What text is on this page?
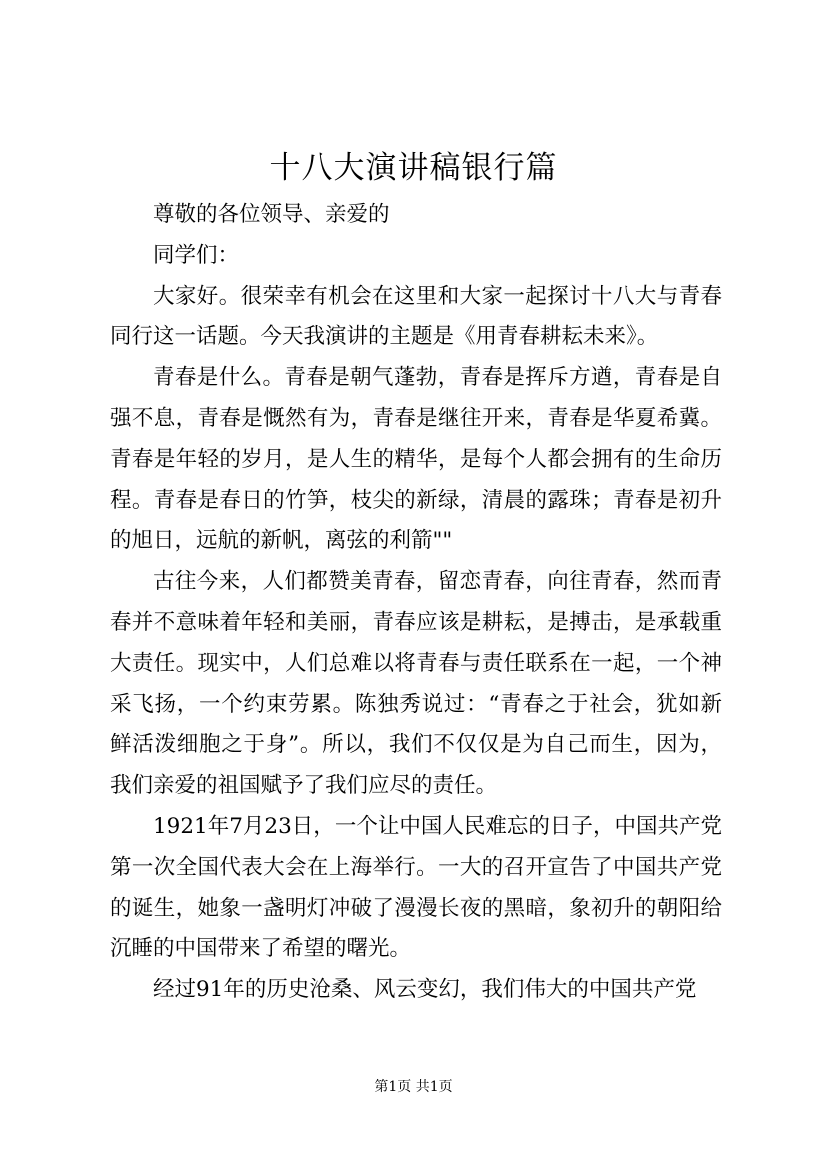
十八大演讲稿银行篇

尊敬的各位领导、亲爱的

同学们：

大家好。很荣幸有机会在这里和大家一起探讨十八大与青春同行这一话题。今天我演讲的主题是《用青春耕耘未来》。

青春是什么。青春是朝气蓬勃，青春是挥斥方遒，青春是自强不息，青春是慨然有为，青春是继往开来，青春是华夏希冀。青春是年轻的岁月，是人生的精华，是每个人都会拥有的生命历程。青春是春日的竹笋，枝尖的新绿，清晨的露珠；青春是初升的旭日，远航的新帆，离弦的利箭""

古往今来，人们都赞美青春，留恋青春，向往青春，然而青春并不意味着年轻和美丽，青春应该是耕耘，是搏击，是承载重大责任。现实中，人们总难以将青春与责任联系在一起，一个神采飞扬，一个约束劳累。陈独秀说过：“青春之于社会，犹如新鲜活泼细胞之于身”。所以，我们不仅仅是为自己而生，因为，我们亲爱的祖国赋予了我们应尽的责任。

1921年7月23日，一个让中国人民难忘的日子，中国共产党第一次全国代表大会在上海举行。一大的召开宣告了中国共产党的诞生，她象一盏明灯冲破了漫漫长夜的黑暗，象初升的朝阳给沉睡的中国带来了希望的曙光。

经过91年的历史沧桑、风云变幻，我们伟大的中国共产党

第1页 共1页
